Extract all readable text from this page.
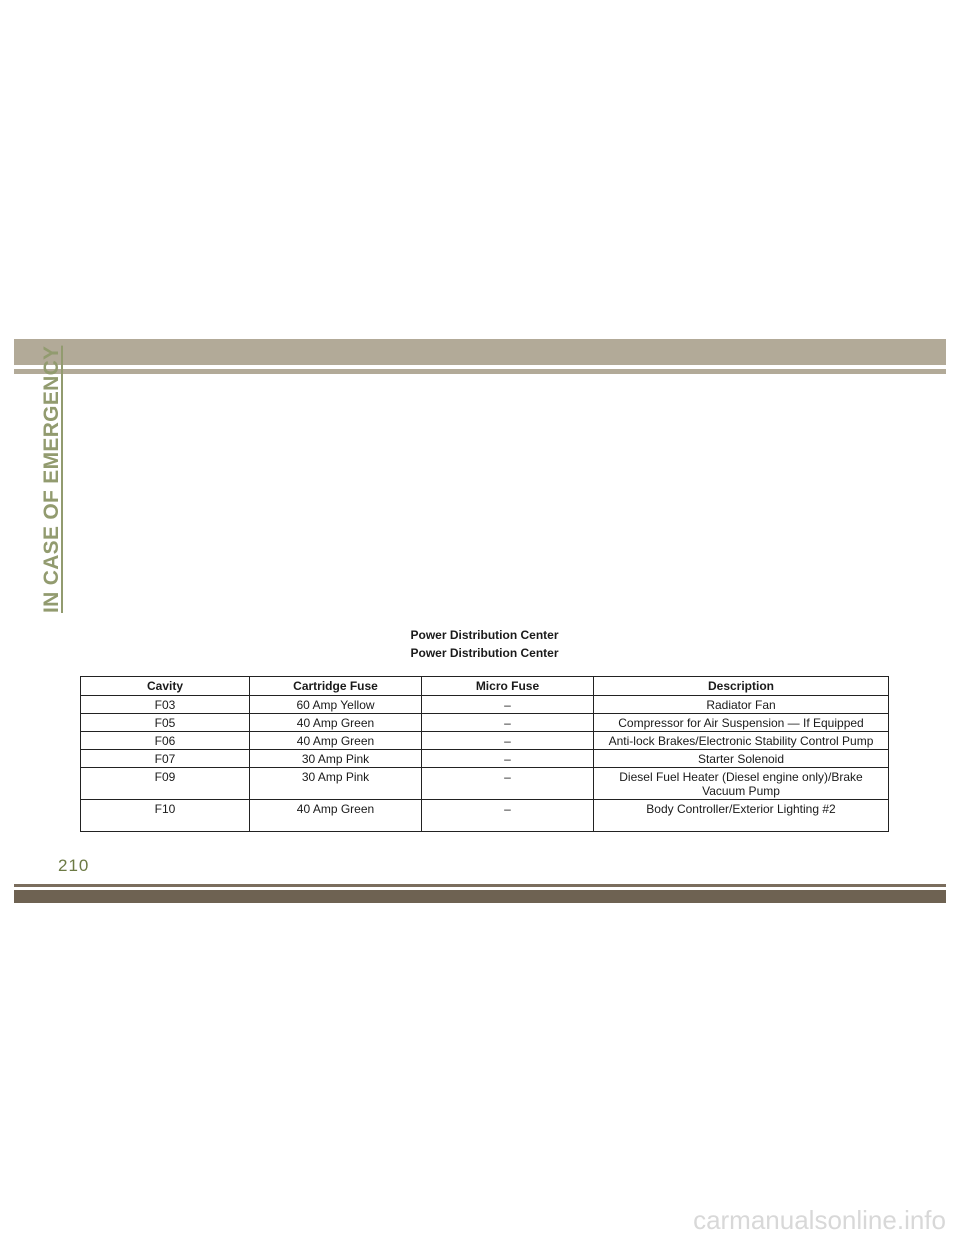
IN CASE OF EMERGENCY
Power Distribution Center
Power Distribution Center
Cavity	Cartridge Fuse	Micro Fuse	Description
F03	60 Amp Yellow	–	Radiator Fan
F05	40 Amp Green	–	Compressor for Air Suspension — If Equipped
F06	40 Amp Green	–	Anti-lock Brakes/Electronic Stability Control Pump
F07	30 Amp Pink	–	Starter Solenoid
F09	30 Amp Pink	–	Diesel Fuel Heater (Diesel engine only)/Brake Vacuum Pump
F10	40 Amp Green	–	Body Controller/Exterior Lighting #2
210
carmanualsonline.info
